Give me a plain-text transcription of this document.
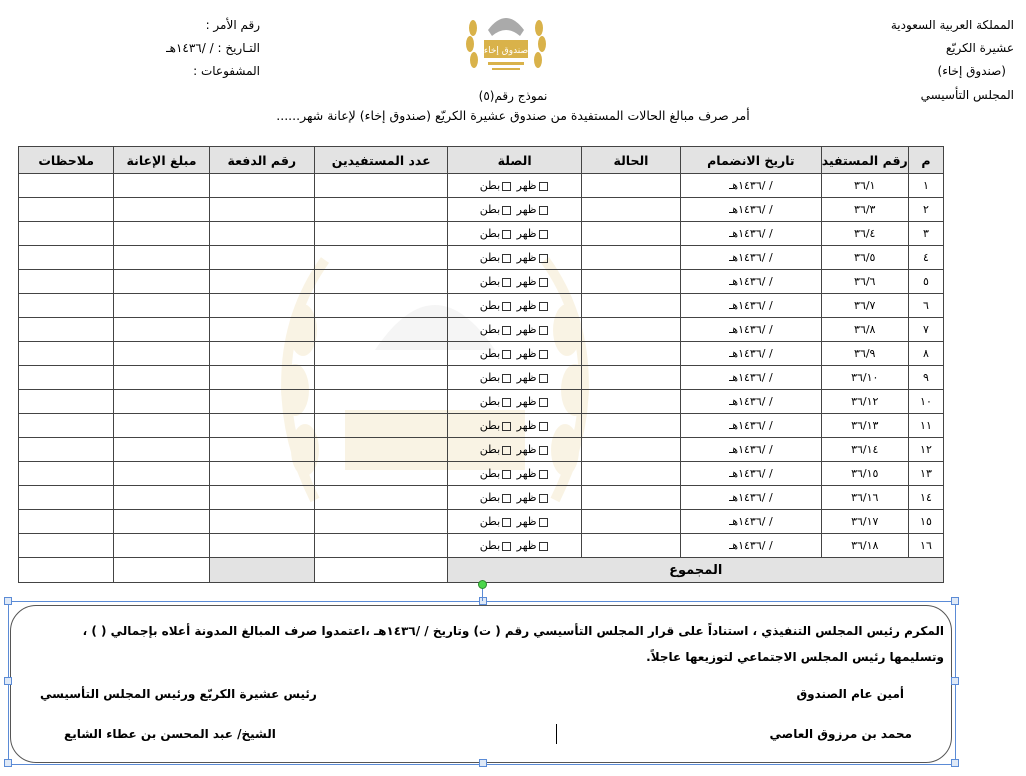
المملكة العربية السعودية
عشيرة الكريّع
(صندوق إخاء)
المجلس التأسيسي
رقم الأمر :
التـاريخ : / /١٤٣٦هـ
المشفوعات :
صندوق إخاء
نموذج رقم(٥)
أمر صرف مبالغ الحالات المستفيدة من صندوق عشيرة الكريّع (صندوق إخاء) لإعانة شهر......
م	رقم المستفيد	تاريخ الانضمام	الحالة	الصلة	عدد المستفيدين	رقم الدفعة	مبلغ الإعانة	ملاحظات
١	٣٦/١	/ /١٤٣٦هـ		ظهر بطن				
٢	٣٦/٣	/ /١٤٣٦هـ		ظهر بطن				
٣	٣٦/٤	/ /١٤٣٦هـ		ظهر بطن				
٤	٣٦/٥	/ /١٤٣٦هـ		ظهر بطن				
٥	٣٦/٦	/ /١٤٣٦هـ		ظهر بطن				
٦	٣٦/٧	/ /١٤٣٦هـ		ظهر بطن				
٧	٣٦/٨	/ /١٤٣٦هـ		ظهر بطن				
٨	٣٦/٩	/ /١٤٣٦هـ		ظهر بطن				
٩	٣٦/١٠	/ /١٤٣٦هـ		ظهر بطن				
١٠	٣٦/١٢	/ /١٤٣٦هـ		ظهر بطن				
١١	٣٦/١٣	/ /١٤٣٦هـ		ظهر بطن				
١٢	٣٦/١٤	/ /١٤٣٦هـ		ظهر بطن				
١٣	٣٦/١٥	/ /١٤٣٦هـ		ظهر بطن				
١٤	٣٦/١٦	/ /١٤٣٦هـ		ظهر بطن				
١٥	٣٦/١٧	/ /١٤٣٦هـ		ظهر بطن				
١٦	٣٦/١٨	/ /١٤٣٦هـ		ظهر بطن				
المجموع								
المكرم رئيس المجلس التنفيذي ، استناداً على قرار المجلس التأسيسي رقم ( ت) وتاريخ / /١٤٣٦هـ ،اعتمدوا صرف المبالغ المدونة أعلاه بإجمالي ( ) ،
وتسليمها رئيس المجلس الاجتماعي لتوزيعها عاجلاً.
أمين عام الصندوق
رئيس عشيرة الكريّع ورئيس المجلس التأسيسي
محمد بن مرزوق العاصي
الشيخ/ عبد المحسن بن عطاء الشايع
